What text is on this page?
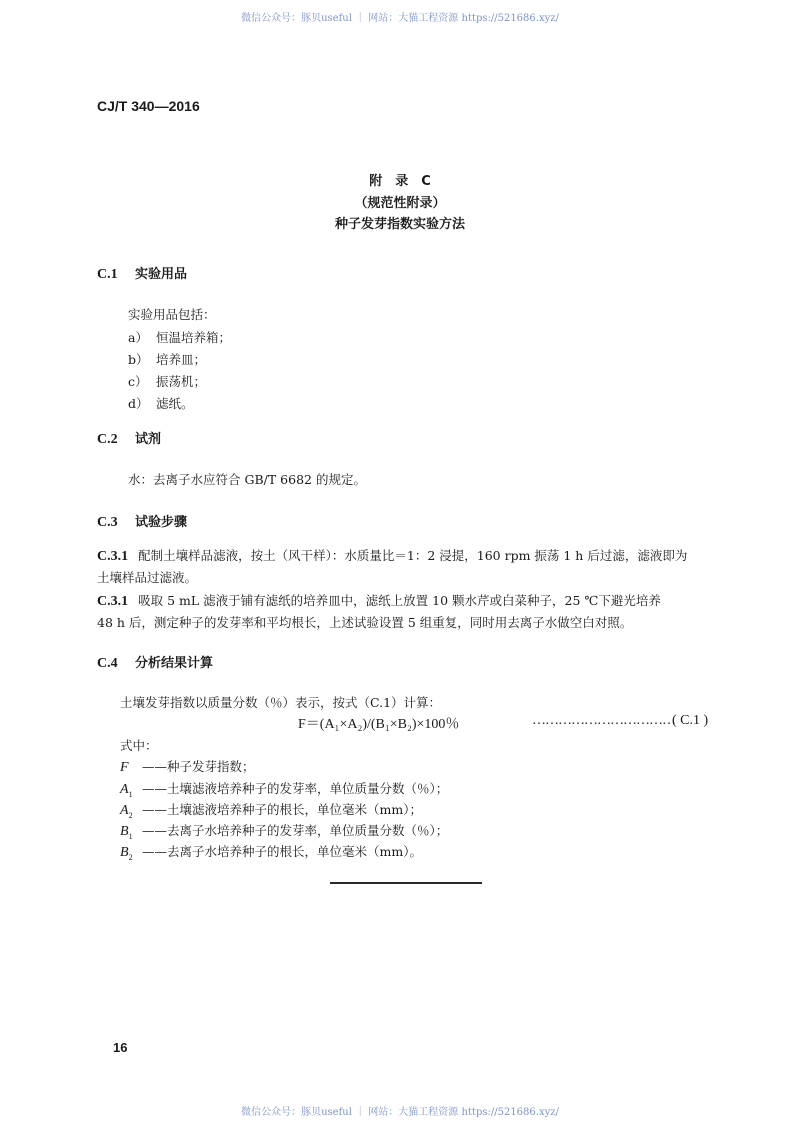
微信公众号：豚贝useful ｜ 网站：大猫工程资源 https://521686.xyz/
CJ/T 340—2016
附　录　C
（规范性附录）
种子发芽指数实验方法
C.1 实验用品
实验用品包括：
a） 恒温培养箱；
b） 培养皿；
c） 振荡机；
d） 滤纸。
C.2 试剂
水：去离子水应符合 GB/T 6682 的规定。
C.3 试验步骤
C.3.1 配制土壤样品滤液，按土（风干样）：水质量比＝1：2 浸提，160 rpm 振荡 1 h 后过滤，滤液即为
土壤样品过滤液。
C.3.1 吸取 5 mL 滤液于铺有滤纸的培养皿中，滤纸上放置 10 颗水芹或白菜种子，25 ℃下避光培养
48 h 后，测定种子的发芽率和平均根长，上述试验设置 5 组重复，同时用去离子水做空白对照。
C.4 分析结果计算
土壤发芽指数以质量分数（％）表示，按式（C.1）计算：
F＝(A₁×A₂)/(B₁×B₂)×100％	……………………………
( C.1 )
式中：
F ——种子发芽指数；
$A_1$ ——土壤滤液培养种子的发芽率，单位质量分数（％）；
$A_2$ ——土壤滤液培养种子的根长，单位毫米（mm）；
$B_1$ ——去离子水培养种子的发芽率，单位质量分数（％）；
$B_2$ ——去离子水培养种子的根长，单位毫米（mm）。
16
微信公众号：豚贝useful ｜ 网站：大猫工程资源 https://521686.xyz/
